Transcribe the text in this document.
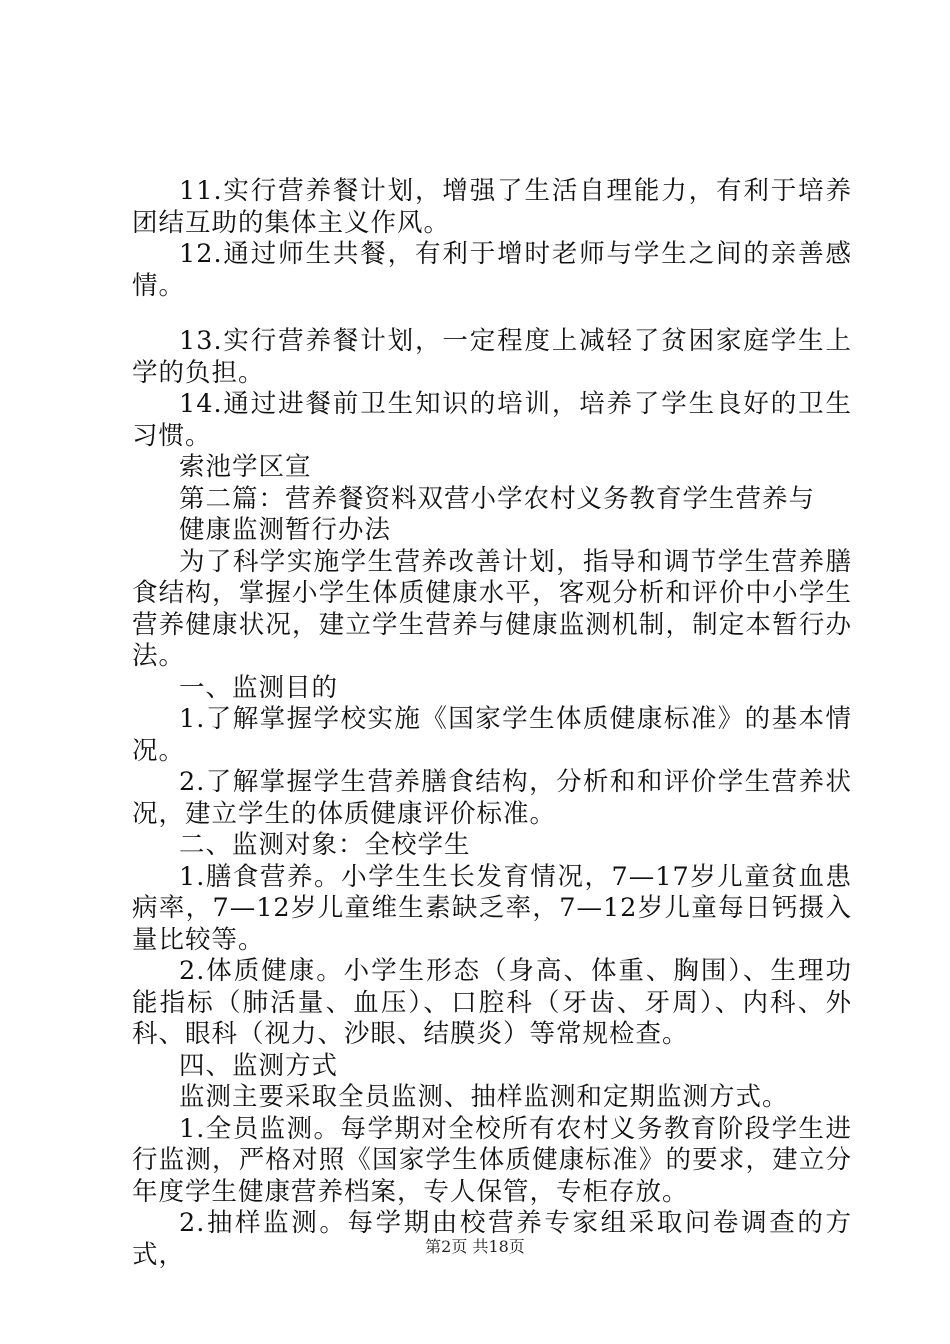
11.实行营养餐计划，增强了生活自理能力，有利于培养团结互助的集体主义作风。

12.通过师生共餐，有利于增时老师与学生之间的亲善感情。

13.实行营养餐计划，一定程度上减轻了贫困家庭学生上学的负担。

14.通过进餐前卫生知识的培训，培养了学生良好的卫生习惯。

索池学区宣

第二篇：营养餐资料双营小学农村义务教育学生营养与

健康监测暂行办法

为了科学实施学生营养改善计划，指导和调节学生营养膳食结构，掌握小学生体质健康水平，客观分析和评价中小学生营养健康状况，建立学生营养与健康监测机制，制定本暂行办法。

一、监测目的

1.了解掌握学校实施《国家学生体质健康标准》的基本情况。

2.了解掌握学生营养膳食结构，分析和和评价学生营养状况，建立学生的体质健康评价标准。

二、监测对象：全校学生

1.膳食营养。小学生生长发育情况，7—17岁儿童贫血患病率，7—12岁儿童维生素缺乏率，7—12岁儿童每日钙摄入量比较等。

2.体质健康。小学生形态（身高、体重、胸围）、生理功能指标（肺活量、血压）、口腔科（牙齿、牙周）、内科、外科、眼科（视力、沙眼、结膜炎）等常规检查。

四、监测方式

监测主要采取全员监测、抽样监测和定期监测方式。

1.全员监测。每学期对全校所有农村义务教育阶段学生进行监测，严格对照《国家学生体质健康标准》的要求，建立分年度学生健康营养档案，专人保管，专柜存放。

2.抽样监测。每学期由校营养专家组采取问卷调查的方式，	第2页 共18页
